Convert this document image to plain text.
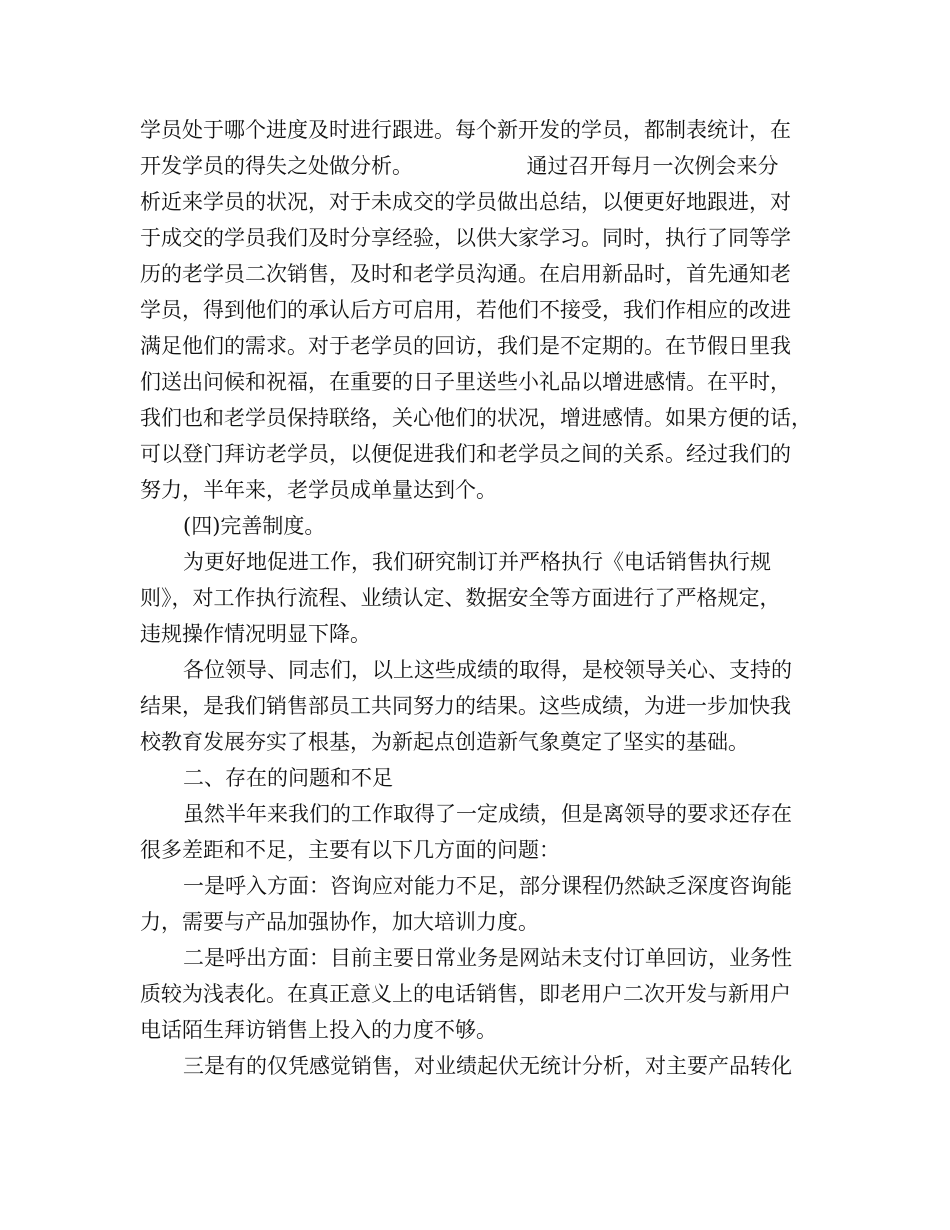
学员处于哪个进度及时进行跟进。每个新开发的学员，都制表统计，在

开发学员的得失之处做分析。                 通过召开每月一次例会来分

析近来学员的状况，对于未成交的学员做出总结，以便更好地跟进，对

于成交的学员我们及时分享经验，以供大家学习。同时，执行了同等学

历的老学员二次销售，及时和老学员沟通。在启用新品时，首先通知老

学员，得到他们的承认后方可启用，若他们不接受，我们作相应的改进

满足他们的需求。对于老学员的回访，我们是不定期的。在节假日里我

们送出问候和祝福，在重要的日子里送些小礼品以增进感情。在平时，

我们也和老学员保持联络，关心他们的状况，增进感情。如果方便的话，

可以登门拜访老学员，以便促进我们和老学员之间的关系。经过我们的

努力，半年来，老学员成单量达到个。

(四)完善制度。

为更好地促进工作，我们研究制订并严格执行《电话销售执行规

则》，对工作执行流程、业绩认定、数据安全等方面进行了严格规定，

违规操作情况明显下降。

各位领导、同志们，以上这些成绩的取得，是校领导关心、支持的

结果，是我们销售部员工共同努力的结果。这些成绩，为进一步加快我

校教育发展夯实了根基，为新起点创造新气象奠定了坚实的基础。

二、存在的问题和不足

虽然半年来我们的工作取得了一定成绩，但是离领导的要求还存在

很多差距和不足，主要有以下几方面的问题：

一是呼入方面：咨询应对能力不足，部分课程仍然缺乏深度咨询能

力，需要与产品加强协作，加大培训力度。

二是呼出方面：目前主要日常业务是网站未支付订单回访，业务性

质较为浅表化。在真正意义上的电话销售，即老用户二次开发与新用户

电话陌生拜访销售上投入的力度不够。

三是有的仅凭感觉销售，对业绩起伏无统计分析，对主要产品转化
